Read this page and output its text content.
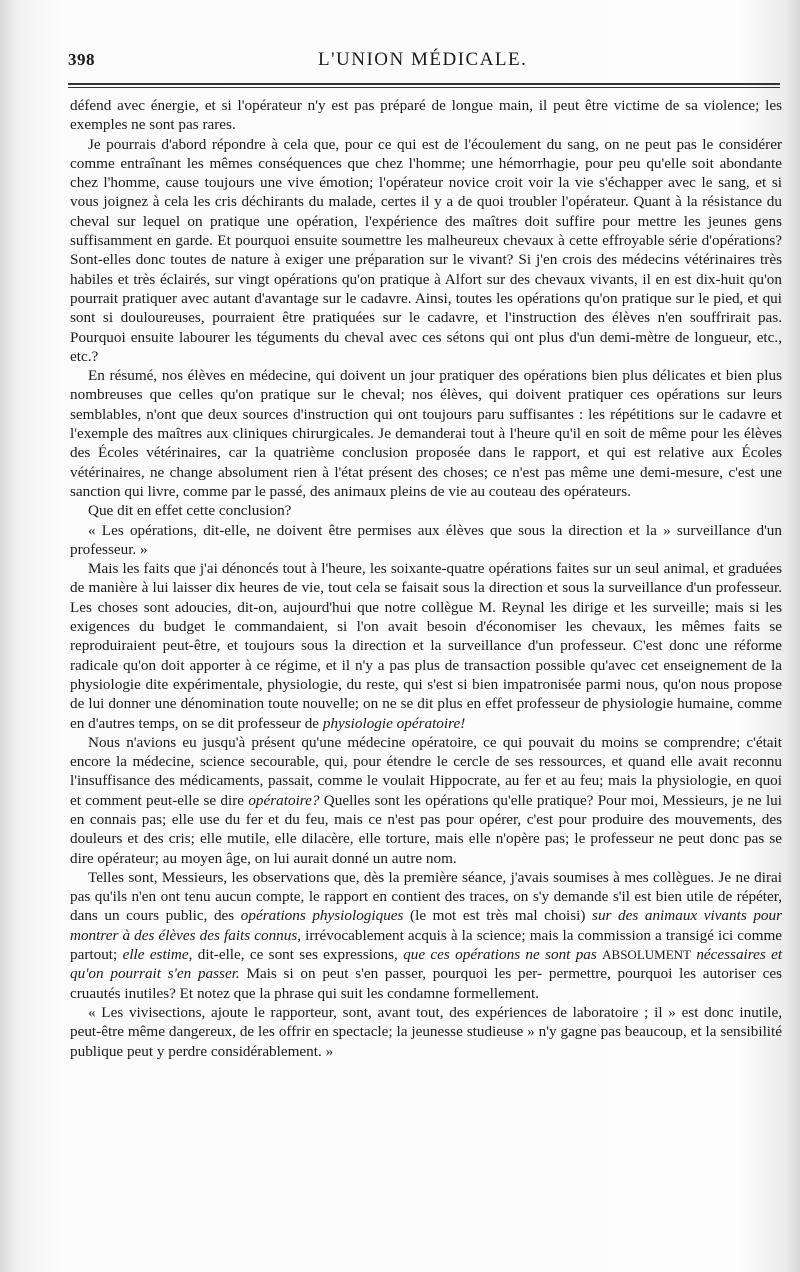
398	L'UNION MÉDICALE.

défend avec énergie, et si l'opérateur n'y est pas préparé de longue main, il peut être victime de sa violence; les exemples ne sont pas rares.

Je pourrais d'abord répondre à cela que, pour ce qui est de l'écoulement du sang, on ne peut pas le considérer comme entraînant les mêmes conséquences que chez l'homme; une hémorrhagie, pour peu qu'elle soit abondante chez l'homme, cause toujours une vive émotion; l'opérateur novice croit voir la vie s'échapper avec le sang, et si vous joignez à cela les cris déchirants du malade, certes il y a de quoi troubler l'opérateur. Quant à la résistance du cheval sur lequel on pratique une opération, l'expérience des maîtres doit suffire pour mettre les jeunes gens suffisamment en garde. Et pourquoi ensuite soumettre les malheureux chevaux à cette effroyable série d'opérations? Sont-elles donc toutes de nature à exiger une préparation sur le vivant? Si j'en crois des médecins vétérinaires très habiles et très éclairés, sur vingt opérations qu'on pratique à Alfort sur des chevaux vivants, il en est dix-huit qu'on pourrait pratiquer avec autant d'avantage sur le cadavre. Ainsi, toutes les opérations qu'on pratique sur le pied, et qui sont si douloureuses, pourraient être pratiquées sur le cadavre, et l'instruction des élèves n'en souffrirait pas. Pourquoi ensuite labourer les téguments du cheval avec ces sétons qui ont plus d'un demi-mètre de longueur, etc., etc.?

En résumé, nos élèves en médecine, qui doivent un jour pratiquer des opérations bien plus délicates et bien plus nombreuses que celles qu'on pratique sur le cheval; nos élèves, qui doivent pratiquer ces opérations sur leurs semblables, n'ont que deux sources d'instruction qui ont toujours paru suffisantes : les répétitions sur le cadavre et l'exemple des maîtres aux cliniques chirurgicales. Je demanderai tout à l'heure qu'il en soit de même pour les élèves des Écoles vétérinaires, car la quatrième conclusion proposée dans le rapport, et qui est relative aux Écoles vétérinaires, ne change absolument rien à l'état présent des choses; ce n'est pas même une demi-mesure, c'est une sanction qui livre, comme par le passé, des animaux pleins de vie au couteau des opérateurs.

Que dit en effet cette conclusion?

« Les opérations, dit-elle, ne doivent être permises aux élèves que sous la direction et la » surveillance d'un professeur. »

Mais les faits que j'ai dénoncés tout à l'heure, les soixante-quatre opérations faites sur un seul animal, et graduées de manière à lui laisser dix heures de vie, tout cela se faisait sous la direction et sous la surveillance d'un professeur. Les choses sont adoucies, dit-on, aujourd'hui que notre collègue M. Reynal les dirige et les surveille; mais si les exigences du budget le commandaient, si l'on avait besoin d'économiser les chevaux, les mêmes faits se reproduiraient peut-être, et toujours sous la direction et la surveillance d'un professeur. C'est donc une réforme radicale qu'on doit apporter à ce régime, et il n'y a pas plus de transaction possible qu'avec cet enseignement de la physiologie dite expérimentale, physiologie, du reste, qui s'est si bien impatronisée parmi nous, qu'on nous propose de lui donner une dénomination toute nouvelle; on ne se dit plus en effet professeur de physiologie humaine, comme en d'autres temps, on se dit professeur de physiologie opératoire!

Nous n'avions eu jusqu'à présent qu'une médecine opératoire, ce qui pouvait du moins se comprendre; c'était encore la médecine, science secourable, qui, pour étendre le cercle de ses ressources, et quand elle avait reconnu l'insuffisance des médicaments, passait, comme le voulait Hippocrate, au fer et au feu; mais la physiologie, en quoi et comment peut-elle se dire opératoire? Quelles sont les opérations qu'elle pratique? Pour moi, Messieurs, je ne lui en connais pas; elle use du fer et du feu, mais ce n'est pas pour opérer, c'est pour produire des mouvements, des douleurs et des cris; elle mutile, elle dilacère, elle torture, mais elle n'opère pas; le professeur ne peut donc pas se dire opérateur; au moyen âge, on lui aurait donné un autre nom.

Telles sont, Messieurs, les observations que, dès la première séance, j'avais soumises à mes collègues. Je ne dirai pas qu'ils n'en ont tenu aucun compte, le rapport en contient des traces, on s'y demande s'il est bien utile de répéter, dans un cours public, des opérations physiologiques (le mot est très mal choisi) sur des animaux vivants pour montrer à des élèves des faits connus, irrévocablement acquis à la science; mais la commission a transigé ici comme partout; elle estime, dit-elle, ce sont ses expressions, que ces opérations ne sont pas ABSOLUMENT nécessaires et qu'on pourrait s'en passer. Mais si on peut s'en passer, pourquoi les per- permettre, pourquoi les autoriser ces cruautés inutiles? Et notez que la phrase qui suit les condamne formellement.

« Les vivisections, ajoute le rapporteur, sont, avant tout, des expériences de laboratoire ; il » est donc inutile, peut-être même dangereux, de les offrir en spectacle; la jeunesse studieuse » n'y gagne pas beaucoup, et la sensibilité publique peut y perdre considérablement. »
